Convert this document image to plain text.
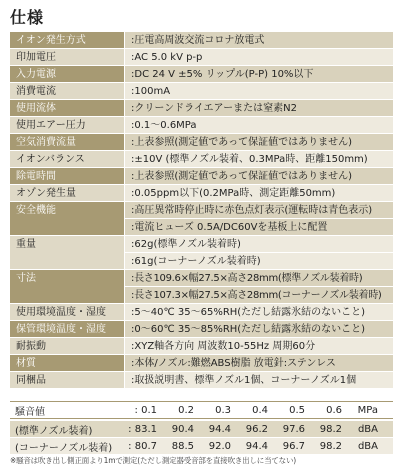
仕様
イオン発生方式	:圧電高周波交流コロナ放電式
印加電圧	:AC 5.0 kV p-p
入力電源	:DC 24 V ±5% リップル(P-P) 10%以下
消費電流	:100mA
使用流体	:クリーンドライエアーまたは窒素N2
使用エアー圧力	:0.1～0.6MPa
空気消費流量	:上表参照(測定値であって保証値ではありません)
イオンバランス	:±10V (標準ノズル装着、0.3MPa時、距離150mm)
除電時間	:上表参照(測定値であって保証値ではありません)
オゾン発生量	:0.05ppm以下(0.2MPa時、測定距離50mm)
安全機能	:高圧異常時停止時に赤色点灯表示(運転時は青色表示)
:電流ヒューズ 0.5A/DC60Vを基板上に配置
重量	:62g(標準ノズル装着時)
:61g(コーナーノズル装着時)
寸法	:長さ109.6×幅27.5×高さ28mm(標準ノズル装着時)
:長さ107.3×幅27.5×高さ28mm(コーナーノズル装着時)
使用環境温度・湿度	:5～40℃ 35～65%RH(ただし結露氷結のないこと)
保管環境温度・湿度	:0～60℃ 35～85%RH(ただし結露氷結のないこと)
耐振動	:XYZ軸各方向 周波数10-55Hz 周期60分
材質	:本体/ノズル:難燃ABS樹脂 放電針:ステンレス
同梱品	:取扱説明書、標準ノズル1個、コーナーノズル1個
騒音値	: 0.1	0.2	0.3	0.4	0.5	0.6	MPa
(標準ノズル装着)	: 83.1	90.4	94.4	96.2	97.6	98.2	dBA
(コーナーノズル装着)	: 80.7	88.5	92.0	94.4	96.7	98.2	dBA
※騒音は吹き出し側正面より1mで測定(ただし測定器受音部を直接吹き出しに当てない)
